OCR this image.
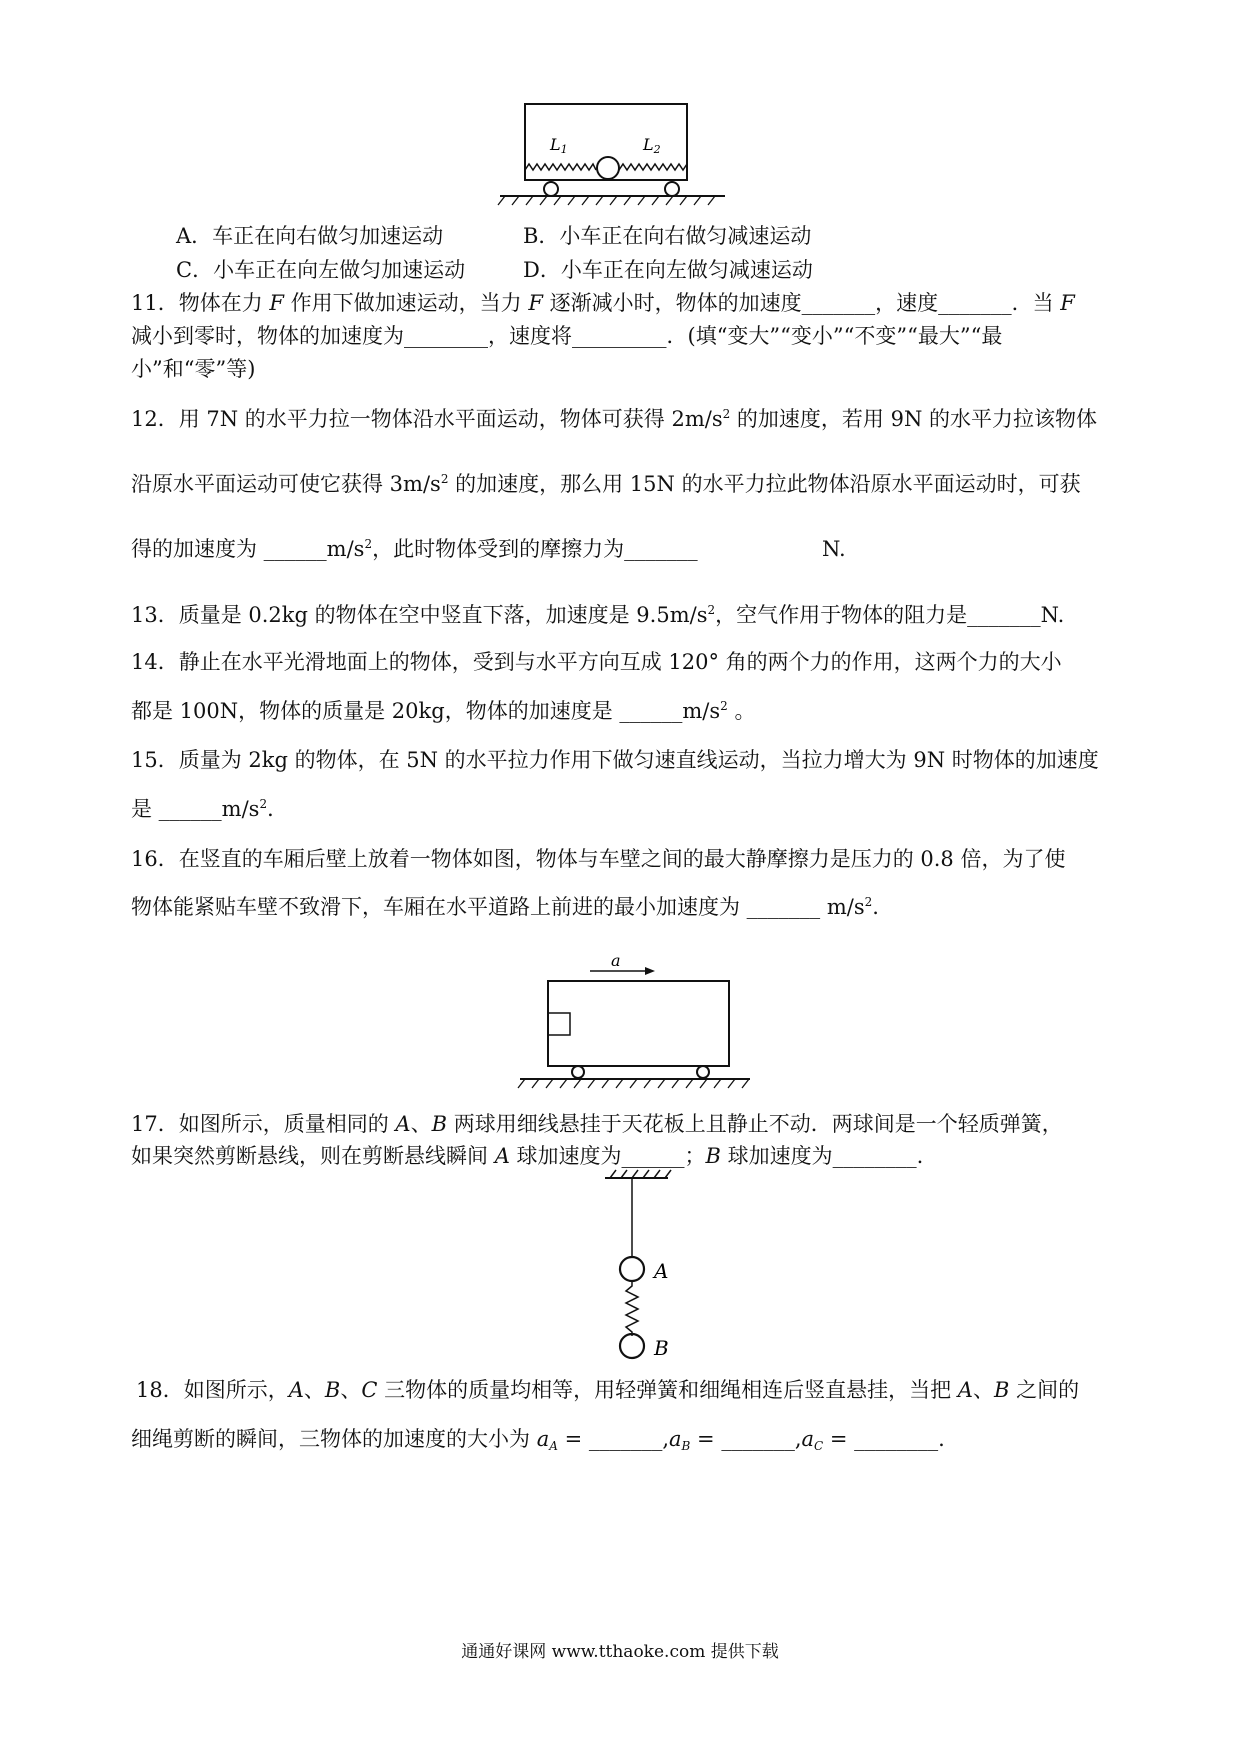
L1	L2
A．车正在向右做匀加速运动	B．小车正在向右做匀减速运动
C．小车正在向左做匀加速运动	D．小车正在向左做匀减速运动
11．物体在力 F 作用下做加速运动，当力 F 逐渐减小时，物体的加速度_______，速度_______．当 F
减小到零时，物体的加速度为________，速度将_________．(填“变大”“变小”“不变”“最大”“最
小”和“零”等)
12．用 7N 的水平力拉一物体沿水平面运动，物体可获得 $2m/s^2$ 的加速度，若用 9N 的水平力拉该物体
沿原水平面运动可使它获得 $3m/s^2$ 的加速度，那么用 15N 的水平力拉此物体沿原水平面运动时，可获
得的加速度为 $\_\_\_\_\_\_m/s^2$，此时物体受到的摩擦力为_______	N.
13．质量是 0.2kg 的物体在空中竖直下落，加速度是 $9.5m/s^2$，空气作用于物体的阻力是_______N.
14．静止在水平光滑地面上的物体，受到与水平方向互成 120° 角的两个力的作用，这两个力的大小
都是 100N，物体的质量是 20kg，物体的加速度是 $\_\_\_\_\_\_m/s^2$ 。
15．质量为 2kg 的物体，在 5N 的水平拉力作用下做匀速直线运动，当拉力增大为 9N 时物体的加速度
是 $\_\_\_\_\_\_m/s^2$．
16．在竖直的车厢后壁上放着一物体如图，物体与车壁之间的最大静摩擦力是压力的 0.8 倍，为了使
物体能紧贴车壁不致滑下，车厢在水平道路上前进的最小加速度为 _______ $m/s^2$.
a
17．如图所示，质量相同的 A、B 两球用细线悬挂于天花板上且静止不动．两球间是一个轻质弹簧，
如果突然剪断悬线，则在剪断悬线瞬间 A 球加速度为______；B 球加速度为________.
A
B
18．如图所示，A、B、C 三物体的质量均相等，用轻弹簧和细绳相连后竖直悬挂，当把 A、B 之间的
细绳剪断的瞬间，三物体的加速度的大小为 $a_A$ = $\_\_\_\_\_\_\_,a_B$ = $\_\_\_\_\_\_\_,a_C$ = ________.
通通好课网 www.tthaoke.com 提供下载
